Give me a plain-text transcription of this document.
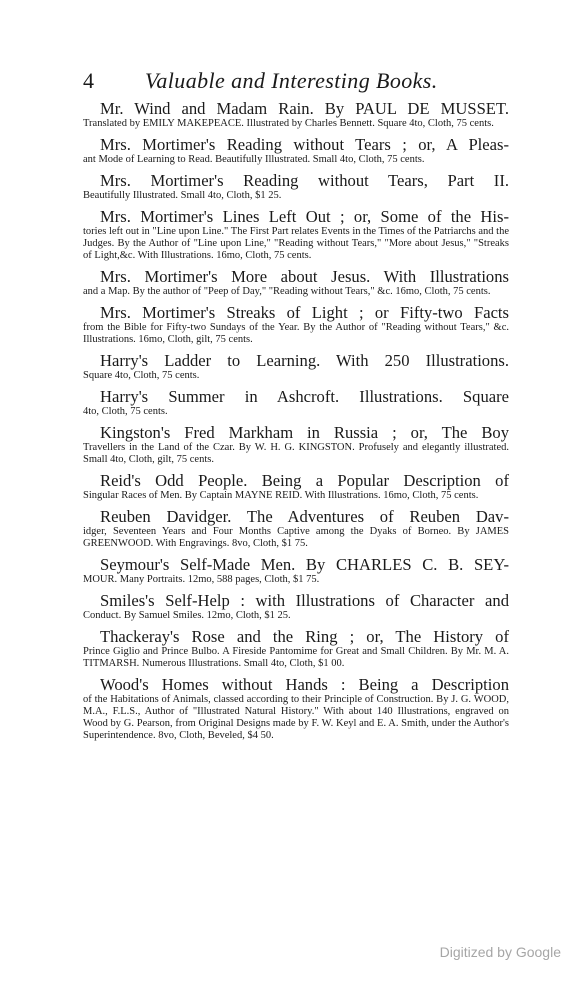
4	Valuable and Interesting Books.
Mr. Wind and Madam Rain. By PAUL DE MUSSET.
Translated by EMILY MAKEPEACE. Illustrated by Charles Bennett. Square 4to, Cloth, 75 cents.
Mrs. Mortimer's Reading without Tears ; or, A Pleas-
ant Mode of Learning to Read. Beautifully Illustrated. Small 4to, Cloth, 75 cents.
Mrs. Mortimer's Reading without Tears, Part II.
Beautifully Illustrated. Small 4to, Cloth, $1 25.
Mrs. Mortimer's Lines Left Out ; or, Some of the His-
tories left out in "Line upon Line." The First Part relates Events in the Times of the Patriarchs and the Judges. By the Author of "Line upon Line," "Reading without Tears," "More about Jesus," "Streaks of Light,&c. With Illustrations. 16mo, Cloth, 75 cents.
Mrs. Mortimer's More about Jesus. With Illustrations
and a Map. By the author of "Peep of Day," "Reading without Tears," &c. 16mo, Cloth, 75 cents.
Mrs. Mortimer's Streaks of Light ; or Fifty-two Facts
from the Bible for Fifty-two Sundays of the Year. By the Author of "Reading without Tears," &c. Illustrations. 16mo, Cloth, gilt, 75 cents.
Harry's Ladder to Learning. With 250 Illustrations.
Square 4to, Cloth, 75 cents.
Harry's Summer in Ashcroft. Illustrations. Square
4to, Cloth, 75 cents.
Kingston's Fred Markham in Russia ; or, The Boy
Travellers in the Land of the Czar. By W. H. G. KINGSTON. Profusely and elegantly illustrated. Small 4to, Cloth, gilt, 75 cents.
Reid's Odd People. Being a Popular Description of
Singular Races of Men. By Captain MAYNE REID. With Illustrations. 16mo, Cloth, 75 cents.
Reuben Davidger. The Adventures of Reuben Dav-
idger, Seventeen Years and Four Months Captive among the Dyaks of Borneo. By JAMES GREENWOOD. With Engravings. 8vo, Cloth, $1 75.
Seymour's Self-Made Men. By CHARLES C. B. SEY-
MOUR. Many Portraits. 12mo, 588 pages, Cloth, $1 75.
Smiles's Self-Help : with Illustrations of Character and
Conduct. By Samuel Smiles. 12mo, Cloth, $1 25.
Thackeray's Rose and the Ring ; or, The History of
Prince Giglio and Prince Bulbo. A Fireside Pantomime for Great and Small Children. By Mr. M. A. TITMARSH. Numerous Illustrations. Small 4to, Cloth, $1 00.
Wood's Homes without Hands : Being a Description
of the Habitations of Animals, classed according to their Principle of Construction. By J. G. WOOD, M.A., F.L.S., Author of "Illustrated Natural History." With about 140 Illustrations, engraved on Wood by G. Pearson, from Original Designs made by F. W. Keyl and E. A. Smith, under the Author's Superintendence. 8vo, Cloth, Beveled, $4 50.
Digitized by Google
